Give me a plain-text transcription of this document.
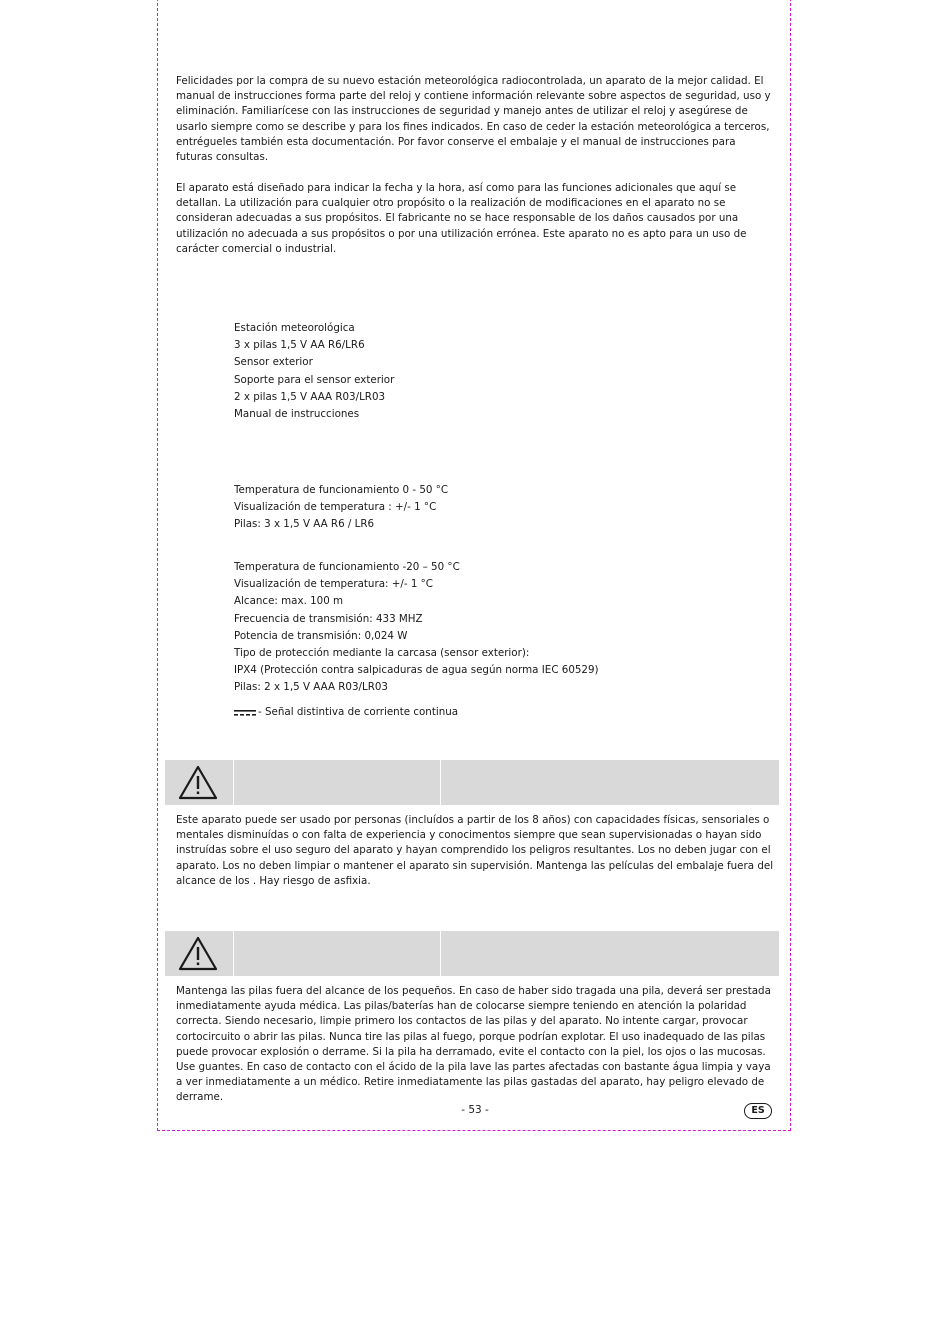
Felicidades por la compra de su nuevo estación meteorológica radiocontrolada, un aparato de la mejor calidad. El manual de instrucciones forma parte del reloj y contiene información relevante sobre aspectos de seguridad, uso y eliminación. Familiarícese con las instrucciones de seguridad y manejo antes de utilizar el reloj y asegúrese de usarlo siempre como se describe y para los fines indicados. En caso de ceder la estación meteorológica a terceros, entrégueles también esta documentación. Por favor conserve el embalaje y el manual de instrucciones para futuras consultas.

El aparato está diseñado para indicar la fecha y la hora, así como para las funciones adicionales que aquí se detallan. La utilización para cualquier otro propósito o la realización de modificaciones en el aparato no se consideran adecuadas a sus propósitos. El fabricante no se hace responsable de los daños causados por una utilización no adecuada a sus propósitos o por una utilización errónea. Este aparato no es apto para un uso de carácter comercial o industrial.

Estación meteorológica
3 x pilas 1,5 V AA R6/LR6
Sensor exterior
Soporte para el sensor exterior
2 x pilas 1,5 V AAA R03/LR03
Manual de instrucciones
Temperatura de funcionamiento 0 - 50 °C
Visualización de temperatura : +/- 1 °C
Pilas: 3 x 1,5 V AA R6 / LR6
Temperatura de funcionamiento -20 – 50 °C
Visualización de temperatura: +/- 1 °C
Alcance: max. 100 m
Frecuencia de transmisión: 433 MHZ
Potencia de transmisión: 0,024 W
Tipo de protección mediante la carcasa (sensor exterior):
IPX4 (Protección contra salpicaduras de agua según norma IEC 60529)
Pilas: 2 x 1,5 V AAA R03/LR03
- Señal distintiva de corriente continua

Este aparato puede ser usado por personas (incluídos a partir de los 8 años) con capacidades físicas, sensoriales o mentales disminuídas o con falta de experiencia y conocimentos siempre que sean supervisionadas o hayan sido instruídas sobre el uso seguro del aparato y hayan comprendido los peligros resultantes. Los no deben jugar con el aparato. Los no deben limpiar o mantener el aparato sin supervisión. Mantenga las películas del embalaje fuera del alcance de los . Hay riesgo de asfixia.

Mantenga las pilas fuera del alcance de los pequeños. En caso de haber sido tragada una pila, deverá ser prestada inmediatamente ayuda médica. Las pilas/baterías han de colocarse siempre teniendo en atención la polaridad correcta. Siendo necesario, limpie primero los contactos de las pilas y del aparato. No intente cargar, provocar cortocircuito o abrir las pilas. Nunca tire las pilas al fuego, porque podrían explotar. El uso inadequado de las pilas puede provocar explosión o derrame. Si la pila ha derramado, evite el contacto con la piel, los ojos o las mucosas. Use guantes. En caso de contacto con el ácido de la pila lave las partes afectadas con bastante água limpia y vaya a ver inmediatamente a un médico. Retire inmediatamente las pilas gastadas del aparato, hay peligro elevado de derrame.

- 53 -	ES
